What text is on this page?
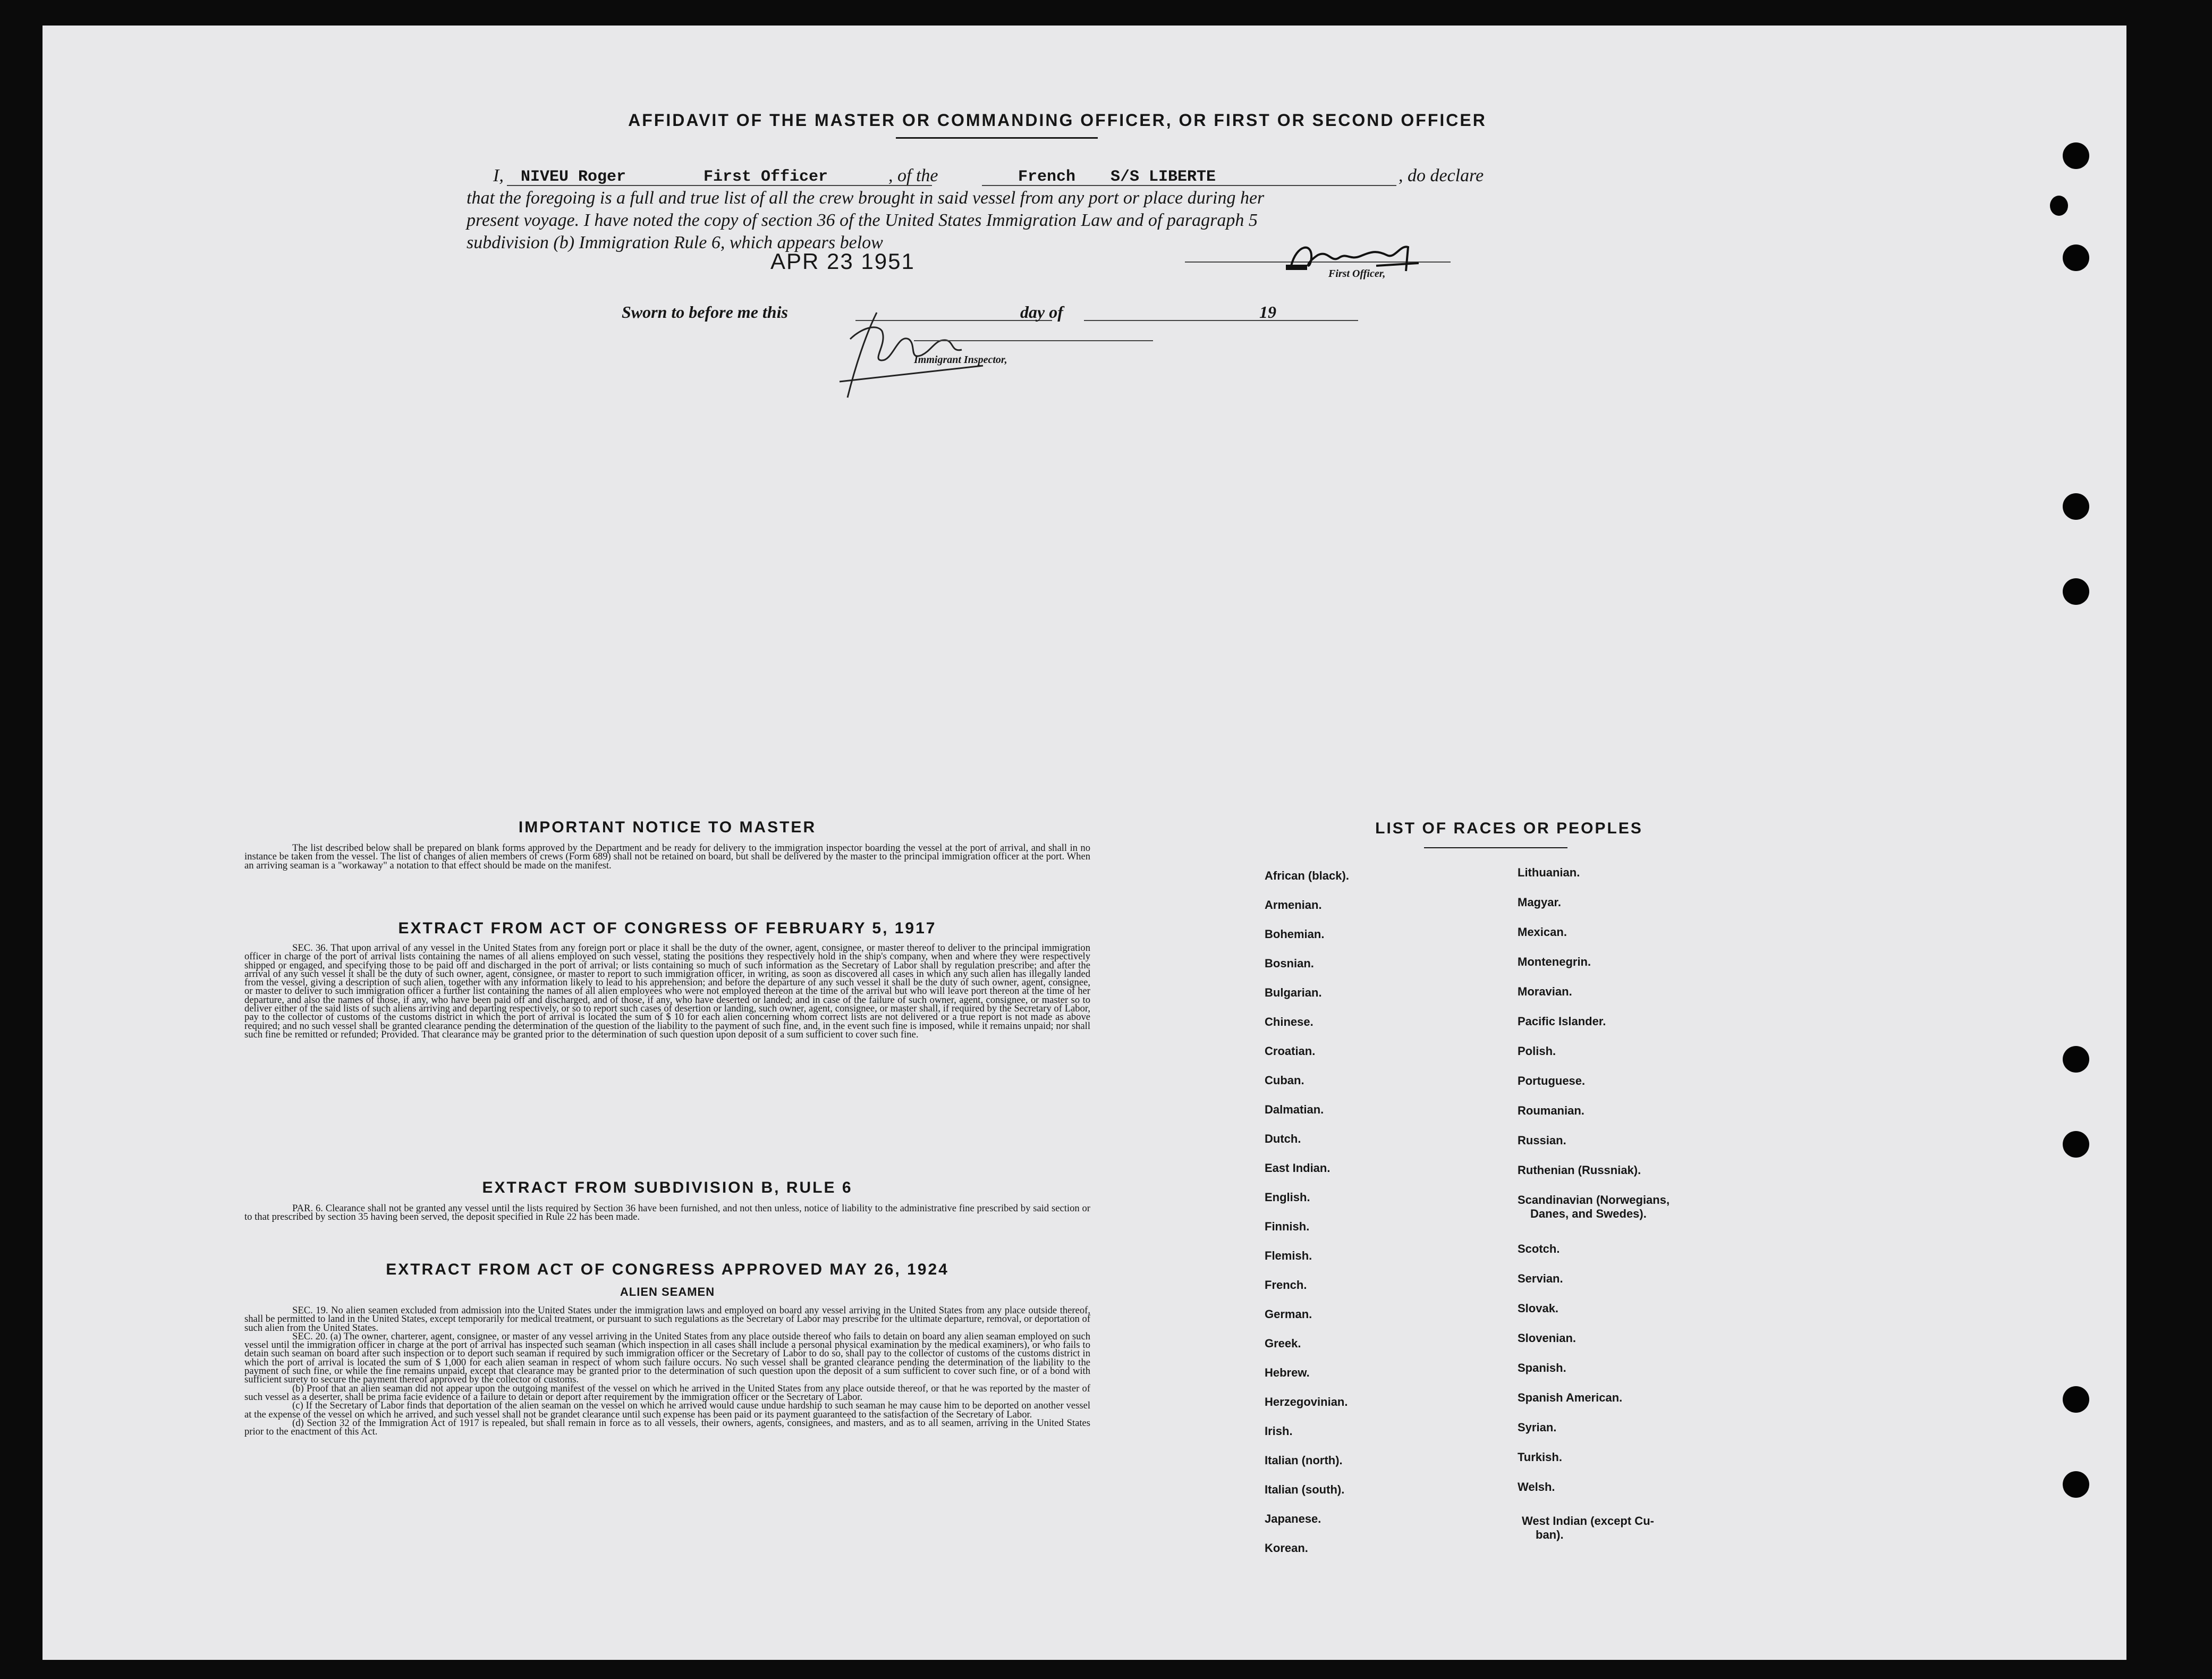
AFFIDAVIT OF THE MASTER OR COMMANDING OFFICER, OR FIRST OR SECOND OFFICER
I, NIVEU Roger	First Officer	, of the	French S/S LIBERTE	, do declare
that the foregoing is a full and true list of all the crew brought in said vessel from any port or place during her
present voyage. I have noted the copy of section 36 of the United States Immigration Law and of paragraph 5
subdivision (b) Immigration Rule 6, which appears below
APR 23 1951	First Officer,
Sworn to before me this	day of	19
Immigrant Inspector,
IMPORTANT NOTICE TO MASTER

The list described below shall be prepared on blank forms approved by the Department and be ready for delivery to the immigration inspector boarding the vessel at the port of arrival, and shall in no instance be taken from the vessel. The list of changes of alien members of crews (Form 689) shall not be retained on board, but shall be delivered by the master to the principal immigration officer at the port. When an arriving seaman is a "workaway" a notation to that effect should be made on the manifest.

EXTRACT FROM ACT OF CONGRESS OF FEBRUARY 5, 1917

SEC. 36. That upon arrival of any vessel in the United States from any foreign port or place it shall be the duty of the owner, agent, consignee, or master thereof to deliver to the principal immigration officer in charge of the port of arrival lists containing the names of all aliens employed on such vessel, stating the positions they respectively hold in the ship's company, when and where they were respectively shipped or engaged, and specifying those to be paid off and discharged in the port of arrival; or lists containing so much of such information as the Secretary of Labor shall by regulation prescribe; and after the arrival of any such vessel it shall be the duty of such owner, agent, consignee, or master to report to such immigration officer, in writing, as soon as discovered all cases in which any such alien has illegally landed from the vessel, giving a description of such alien, together with any information likely to lead to his apprehension; and before the departure of any such vessel it shall be the duty of such owner, agent, consignee, or master to deliver to such immigration officer a further list containing the names of all alien employees who were not employed thereon at the time of the arrival but who will leave port thereon at the time of her departure, and also the names of those, if any, who have been paid off and discharged, and of those, if any, who have deserted or landed; and in case of the failure of such owner, agent, consignee, or master so to deliver either of the said lists of such aliens arriving and departing respectively, or so to report such cases of desertion or landing, such owner, agent, consignee, or master shall, if required by the Secretary of Labor, pay to the collector of customs of the customs district in which the port of arrival is located the sum of $ 10 for each alien concerning whom correct lists are not delivered or a true report is not made as above required; and no such vessel shall be granted clearance pending the determination of the question of the liability to the payment of such fine, and, in the event such fine is imposed, while it remains unpaid; nor shall such fine be remitted or refunded; Provided. That clearance may be granted prior to the determination of such question upon deposit of a sum sufficient to cover such fine.

EXTRACT FROM SUBDIVISION B, RULE 6

PAR. 6. Clearance shall not be granted any vessel until the lists required by Section 36 have been furnished, and not then unless, notice of liability to the administrative fine prescribed by said section or to that prescribed by section 35 having been served, the deposit specified in Rule 22 has been made.

EXTRACT FROM ACT OF CONGRESS APPROVED MAY 26, 1924
ALIEN SEAMEN

SEC. 19. No alien seamen excluded from admission into the United States under the immigration laws and employed on board any vessel arriving in the United States from any place outside thereof, shall be permitted to land in the United States, except temporarily for medical treatment, or pursuant to such regulations as the Secretary of Labor may prescribe for the ultimate departure, removal, or deportation of such alien from the United States.

SEC. 20. (a) The owner, charterer, agent, consignee, or master of any vessel arriving in the United States from any place outside thereof who fails to detain on board any alien seaman employed on such vessel until the immigration officer in charge at the port of arrival has inspected such seaman (which inspection in all cases shall include a personal physical examination by the medical examiners), or who fails to detain such seaman on board after such inspection or to deport such seaman if required by such immigration officer or the Secretary of Labor to do so, shall pay to the collector of customs of the customs district in which the port of arrival is located the sum of $ 1,000 for each alien seaman in respect of whom such failure occurs. No such vessel shall be granted clearance pending the determination of the liability to the payment of such fine, or while the fine remains unpaid, except that clearance may be granted prior to the determination of such question upon the deposit of a sum sufficient to cover such fine, or of a bond with sufficient surety to secure the payment thereof approved by the collector of customs.

(b) Proof that an alien seaman did not appear upon the outgoing manifest of the vessel on which he arrived in the United States from any place outside thereof, or that he was reported by the master of such vessel as a deserter, shall be prima facie evidence of a failure to detain or deport after requirement by the immigration officer or the Secretary of Labor.

(c) If the Secretary of Labor finds that deportation of the alien seaman on the vessel on which he arrived would cause undue hardship to such seaman he may cause him to be deported on another vessel at the expense of the vessel on which he arrived, and such vessel shall not be grandet clearance until such expense has been paid or its payment guaranteed to the satisfaction of the Secretary of Labor.

(d) Section 32 of the Immigration Act of 1917 is repealed, but shall remain in force as to all vessels, their owners, agents, consignees, and masters, and as to all seamen, arriving in the United States prior to the enactment of this Act.

LIST OF RACES OR PEOPLES
African (black).
Armenian.
Bohemian.
Bosnian.
Bulgarian.
Chinese.
Croatian.
Cuban.
Dalmatian.
Dutch.
East Indian.
English.
Finnish.
Flemish.
French.
German.
Greek.
Hebrew.
Herzegovinian.
Irish.
Italian (north).
Italian (south).
Japanese.
Korean.
Lithuanian.
Magyar.
Mexican.
Montenegrin.
Moravian.
Pacific Islander.
Polish.
Portuguese.
Roumanian.
Russian.
Ruthenian (Russniak).
Scandinavian (Norwegians,
Danes, and Swedes).
Scotch.
Servian.
Slovak.
Slovenian.
Spanish.
Spanish American.
Syrian.
Turkish.
Welsh.
West Indian (except Cu-
ban).
